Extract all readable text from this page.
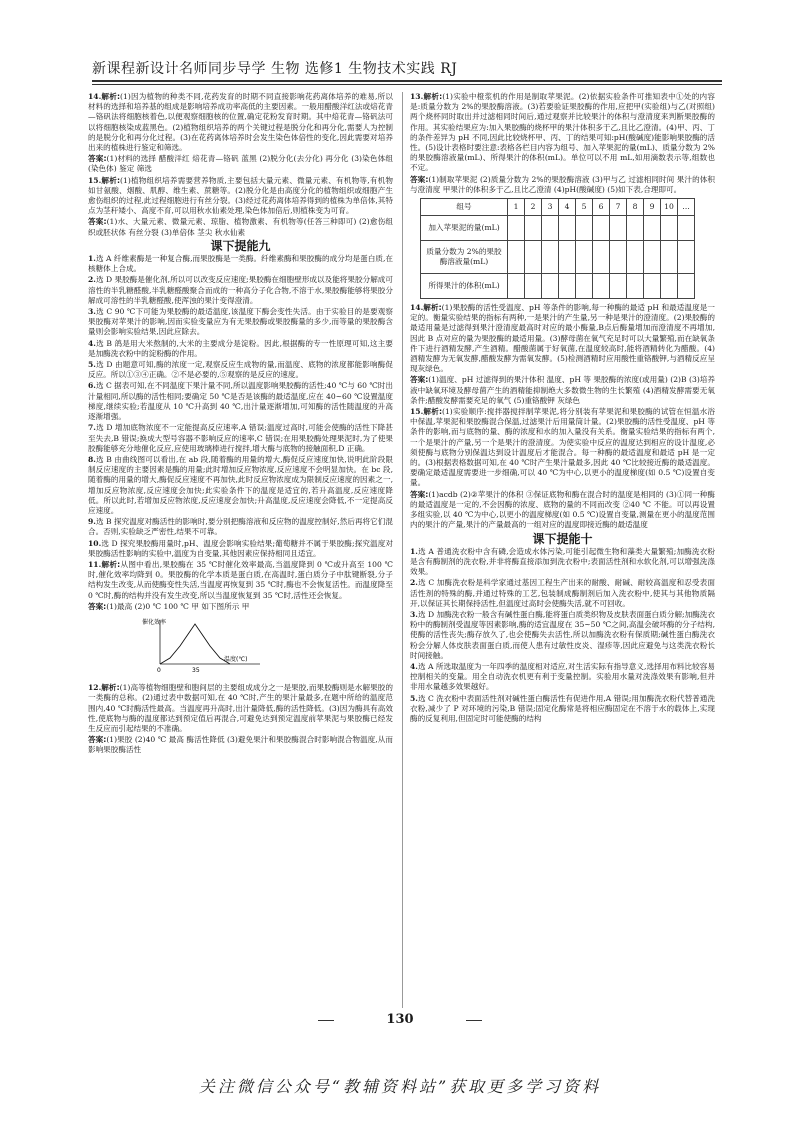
新课程新设计名师同步导学 生物 选修1 生物技术实践 RJ

14.解析:(1)因为植物的种类不同,花药发育的时期不同直接影响花药离体培养的难易,所以材料的选择和培养基的组成是影响培养成功率高低的主要因素。一般用醋酸洋红法或焙花青—铬矾法将细胞核着色,以便观察细胞核的位置,确定花粉发育时期。其中焙花青—铬矾法可以将细胞核染成蓝黑色。(2)植物组织培养的两个关键过程是脱分化和再分化,需要人为控制的是脱分化和再分化过程。(3)在花药离体培养时会发生染色体倍性的变化,因此需要对培养出来的植株进行鉴定和筛选。

答案:(1)材料的选择 醋酸洋红 焙花青—铬矾 蓝黑 (2)脱分化(去分化) 再分化 (3)染色体组(染色体) 鉴定 筛选

15.解析:(1)植物组织培养需要营养物质,主要包括大量元素、微量元素、有机物等,有机物如甘氨酸、烟酸、肌醇、维生素、蔗糖等。(2)脱分化是由高度分化的植物组织或细胞产生愈伤组织的过程,此过程细胞进行有丝分裂。(3)经过花药离体培养得到的植株为单倍体,其特点为茎秆矮小、高度不育,可以用秋水仙素处理,染色体加倍后,则植株变为可育。

答案:(1)水、大量元素、微量元素、琼脂、植物激素、有机物等(任答三种即可) (2)愈伤组织或胚状体 有丝分裂 (3)单倍体 茎尖 秋水仙素

课下提能九

1.选 A 纤维素酶是一种复合酶,而果胶酶是一类酶。纤维素酶和果胶酶的成分均是蛋白质,在核糖体上合成。

2.选 D 果胶酶是催化剂,所以可以改变反应速度;果胶酶在细胞壁形成以及能将果胶分解成可溶性的半乳糖醛酸,半乳糖醛酸聚合而成的一种高分子化合物,不溶于水,果胶酶能够将果胶分解成可溶性的半乳糖醛酸,使浑浊的果汁变得澄清。

3.选 C 90 ℃下可能为果胶酶的最适温度,该温度下酶会变性失活。由于实验目的是要观察果胶酶对苹果汁的影响,因而实验变量应为有无果胶酶或果胶酶量的多少,而等量的果胶酶含量则会影响实验结果,因此应除去。

4.选 B 鸽是用大米熬制的,大米的主要成分是淀粉。因此,根据酶的专一性原理可知,这主要是加酶洗衣粉中的淀粉酶的作用。

5.选 D 由题意可知,酶的浓度一定,观察反应生成物的量,而温度、底物的浓度都能影响酶促反应。所以①③④正确。②不是必要的,⑤观察的是反应的速度。

6.选 C 据表可知,在不同温度下果汁量不同,所以温度影响果胶酶的活性;40 ℃与 60 ℃时出汁量相同,所以酶的活性相同;要确定 50 ℃是否是该酶的最适温度,应在 40~60 ℃设置温度梯度,继续实验;若温度从 10 ℃升高到 40 ℃,出汁量逐渐增加,可知酶的活性随温度的升高逐渐增强。

7.选 D 增加底物浓度不一定能提高反应速率,A 错误;温度过高时,可能会使酶的活性下降甚至失去,B 错误;换成大型号容器不影响反应的速率,C 错误;在用果胶酶处理果泥时,为了使果胶酶能够充分地催化反应,应使用玻璃棒进行搅拌,增大酶与底物的接触面积,D 正确。

8.选 B 由曲线图可以看出,在 ab 段,随着酶的用量的增大,酶促反应速度加快,说明此阶段限制反应速度的主要因素是酶的用量;此时增加反应物浓度,反应速度不会明显加快。在 bc 段,随着酶的用量的增大,酶促反应速度不再加快,此时反应物浓度成为限制反应速度的因素之一,增加反应物浓度,反应速度会加快;此实验条件下的温度是适宜的,若升高温度,反应速度降低。所以此时,若增加反应物浓度,反应速度会加快;升高温度,反应速度会降低,不一定提高反应速度。

9.选 B 探究温度对酶活性的影响时,要分别把酶溶液和反应物的温度控制好,然后再将它们混合。否则,实验缺乏严密性,结果不可靠。

10.选 D 探究果胶酶用量时,pH、温度会影响实验结果;葡萄糖并不属于果胶酶;探究温度对果胶酶活性影响的实验中,温度为自变量,其他因素应保持相同且适宜。

11.解析:从图中看出,果胶酶在 35 ℃时催化效率最高,当温度降到 0 ℃或升高至 100 ℃时,催化效率均降到 0。果胶酶的化学本质是蛋白质,在高温时,蛋白质分子中肽键断裂,分子结构发生改变,从而使酶变性失活,当温度再恢复到 35 ℃时,酶也不会恢复活性。而温度降至 0 ℃时,酶的结构并没有发生改变,所以当温度恢复到 35 ℃时,活性还会恢复。

答案:(1)最高 (2)0 ℃ 100 ℃ 甲 如下图所示 甲

催化效率
温度(℃)
0	35

12.解析:(1)高等植物细胞壁和胞间层的主要组成成分之一是果胶,而果胶酶则是水解果胶的一类酶的总称。(2)通过表中数据可知,在 40 ℃时,产生的果汁量最多,在题中所给的温度范围内,40 ℃时酶活性最高。当温度再升高时,出汁量降低,酶的活性降低。(3)因为酶具有高效性,使底物与酶的温度都达到预定值后再混合,可避免达到预定温度前苹果泥与果胶酶已经发生反应而引起结果的不准确。

答案:(1)果胶 (2)40 ℃ 最高 酶活性降低 (3)避免果汁和果胶酶混合时影响混合物温度,从而影响果胶酶活性

13.解析:(1)实验中橙浆机的作用是制取苹果泥。(2)依据实验条件可推知表中①处的内容是:质量分数为 2%的果胶酶溶液。(3)若要验证果胶酶的作用,应把甲(实验组)与乙(对照组)两个烧杯同时取出并过滤相同时间后,通过观察并比较果汁的体积与澄清度来判断果胶酶的作用。其实验结果应为:加入果胶酶的烧杯甲的果汁体积多于乙,且比乙澄清。(4)甲、丙、丁的条件差异为 pH 不同,因此比较烧杯甲、丙、丁的结果可知:pH(酸碱度)能影响果胶酶的活性。(5)设计表格时要注意:表格各栏目内容为组号、加入苹果泥的量(mL)、质量分数为 2%的果胶酶溶液量(mL)、所得果汁的体积(mL)。单位可以不用 mL,如用滴数表示等,组数也不定。

答案:(1)制取苹果泥 (2)质量分数为 2%的果胶酶溶液 (3)甲与乙 过滤相同时间 果汁的体积与澄清度 甲果汁的体积多于乙,且比乙澄清 (4)pH(酸碱度) (5)如下表,合理即可。

组号	1	2	3	4	5	6	7	8	9	10	…
加入苹果泥的量(mL)											
质量分数为 2%的果胶酶溶液量(mL)											
所得果汁的体积(mL)											

14.解析:(1)果胶酶的活性受温度、pH 等条件的影响,每一种酶的最适 pH 和最适温度是一定的。衡量实验结果的指标有两种,一是果汁的产生量,另一种是果汁的澄清度。(2)果胶酶的最适用量是过滤得到果汁澄清度最高时对应的最小酶量,B点后酶量增加而澄清度不再增加,因此 B 点对应的量为果胶酶的最适用量。(3)酵母菌在氧气充足时可以大量繁殖,而在缺氧条件下进行酒精发酵,产生酒精。醋酸菌属于好氧菌,在温度较高时,能将酒精转化为醋酸。(4)酒精发酵为无氧发酵,醋酸发酵为需氧发酵。(5)检测酒精时应用酸性重铬酸钾,与酒精反应呈现灰绿色。

答案:(1)温度、pH 过滤得到的果汁体积 温度、pH 等 果胶酶的浓度(或用量) (2)B (3)培养液中缺氧环境及酵母菌产生的酒精能抑制绝大多数微生物的生长繁殖 (4)酒精发酵需要无氧条件;醋酸发酵需要充足的氧气 (5)重铬酸钾 灰绿色

15.解析:(1)实验顺序:搅拌器搅拌制苹果泥,将分别装有苹果泥和果胶酶的试管在恒温水浴中保温,苹果泥和果胶酶混合保温,过滤果汁后用量筒计量。(2)果胶酶的活性受温度、pH 等条件的影响,而与底物的量、酶的浓度和水的加入量没有关系。衡量实验结果的指标有两个,一个是果汁的产量,另一个是果汁的澄清度。为使实验中反应的温度达到相应的设计温度,必须使酶与底物分别保温达到设计温度后才能混合。每一种酶的最适温度和最适 pH 是一定的。(3)根据表格数据可知,在 40 ℃时产生果汁量最多,因此 40 ℃比较接近酶的最适温度。要确定最适温度需要进一步细确,可以 40 ℃为中心,以更小的温度梯度(如 0.5 ℃)设置自变量。

答案:(1)acdb (2)②苹果汁的体积 ③保证底物和酶在混合时的温度是相同的 (3)①同一种酶的最适温度是一定的,不会因酶的浓度、底物的量的不同而改变 ②40 ℃ 不能。可以再设置多组实验,以 40 ℃为中心,以更小的温度梯度(如 0.5 ℃)设置自变量,测量在更小的温度范围内的果汁的产量,果汁的产量最高的一组对应的温度即接近酶的最适温度

课下提能十

1.选 A 普通洗衣粉中含有磷,会造成水体污染,可能引起微生物和藻类大量繁殖;加酶洗衣粉是含有酶制剂的洗衣粉,并非将酶直接添加到洗衣粉中;表面活性剂和水软化剂,可以增强洗涤效果。

2.选 C 加酶洗衣粉是科学家通过基因工程生产出来的耐酸、耐碱、耐较高温度和忍受表面活性剂的特殊的酶,并通过特殊的工艺,包装制成酶制剂后加入洗衣粉中,使其与其他物质隔开,以保证其长期保持活性,但温度过高时会使酶失活,就不可回收。

3.选 D 加酶洗衣粉一般含有碱性蛋白酶,能将蛋白质类织物及皮肤表面蛋白质分解;加酶洗衣粉中的酶制剂受温度等因素影响,酶的适宜温度在 35~50 ℃之间,高温会破坏酶的分子结构,使酶的活性丧失;酶存放久了,也会使酶失去活性,所以加酶洗衣粉有保质期;碱性蛋白酶洗衣粉会分解人体皮肤表面蛋白质,而使人患有过敏性皮炎、湿疹等,因此应避免与这类洗衣粉长时间接触。

4.选 A 所选取温度为一年四季的温度相对适应,对生活实际有指导意义,选择用布料比较容易控制相关的变量。用全自动洗衣机更有利于变量控制。实验用水量对洗涤效果有影响,但并非用水量越多效果越好。

5.选 C 洗衣粉中表面活性剂对碱性蛋白酶活性有促进作用,A 错误;用加酶洗衣粉代替普通洗衣粉,减少了 P 对环境的污染,B 错误;固定化酶常是将相应酶固定在不溶于水的载体上,实现酶的反复利用,但固定时可能使酶的结构

130
关注微信公众号“教辅资料站”获取更多学习资料
